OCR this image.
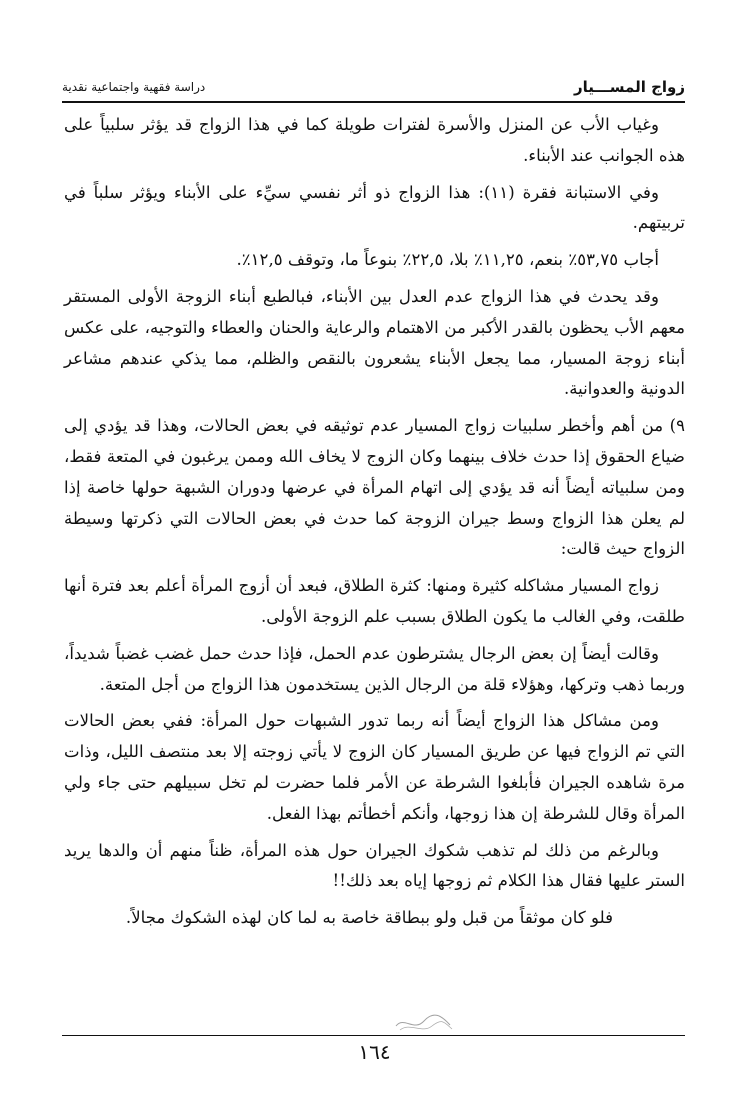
زواج المســـيار
دراسة فقهية واجتماعية نقدية

وغياب الأب عن المنزل والأسرة لفترات طويلة كما في هذا الزواج قد يؤثر سلبياً على هذه الجوانب عند الأبناء.

وفي الاستبانة فقرة (١١): هذا الزواج ذو أثر نفسي سيِّء على الأبناء ويؤثر سلباً في تربيتهم.

أجاب ٥٣,٧٥٪ بنعم، ١١,٢٥٪ بلا، ٢٢,٥٪ بنوعاً ما، وتوقف ١٢,٥٪.

وقد يحدث في هذا الزواج عدم العدل بين الأبناء، فبالطبع أبناء الزوجة الأولى المستقر معهم الأب يحظون بالقدر الأكبر من الاهتمام والرعاية والحنان والعطاء والتوجيه، على عكس أبناء زوجة المسيار، مما يجعل الأبناء يشعرون بالنقص والظلم، مما يذكي عندهم مشاعر الدونية والعدوانية.

٩) من أهم وأخطر سلبيات زواج المسيار عدم توثيقه في بعض الحالات، وهذا قد يؤدي إلى ضياع الحقوق إذا حدث خلاف بينهما وكان الزوج لا يخاف الله وممن يرغبون في المتعة فقط، ومن سلبياته أيضاً أنه قد يؤدي إلى اتهام المرأة في عرضها ودوران الشبهة حولها خاصة إذا لم يعلن هذا الزواج وسط جيران الزوجة كما حدث في بعض الحالات التي ذكرتها وسيطة الزواج حيث قالت:

زواج المسيار مشاكله كثيرة ومنها: كثرة الطلاق، فبعد أن أزوج المرأة أعلم بعد فترة أنها طلقت، وفي الغالب ما يكون الطلاق بسبب علم الزوجة الأولى.

وقالت أيضاً إن بعض الرجال يشترطون عدم الحمل، فإذا حدث حمل غضب غضباً شديداً، وربما ذهب وتركها، وهؤلاء قلة من الرجال الذين يستخدمون هذا الزواج من أجل المتعة.

ومن مشاكل هذا الزواج أيضاً أنه ربما تدور الشبهات حول المرأة: ففي بعض الحالات التي تم الزواج فيها عن طريق المسيار كان الزوج لا يأتي زوجته إلا بعد منتصف الليل، وذات مرة شاهده الجيران فأبلغوا الشرطة عن الأمر فلما حضرت لم تخل سبيلهم حتى جاء ولي المرأة وقال للشرطة إن هذا زوجها، وأنكم أخطأتم بهذا الفعل.

وبالرغم من ذلك لم تذهب شكوك الجيران حول هذه المرأة، ظناً منهم أن والدها يريد الستر عليها فقال هذا الكلام ثم زوجها إياه بعد ذلك!!

فلو كان موثقاً من قبل ولو ببطاقة خاصة به لما كان لهذه الشكوك مجالاً.

١٦٤
